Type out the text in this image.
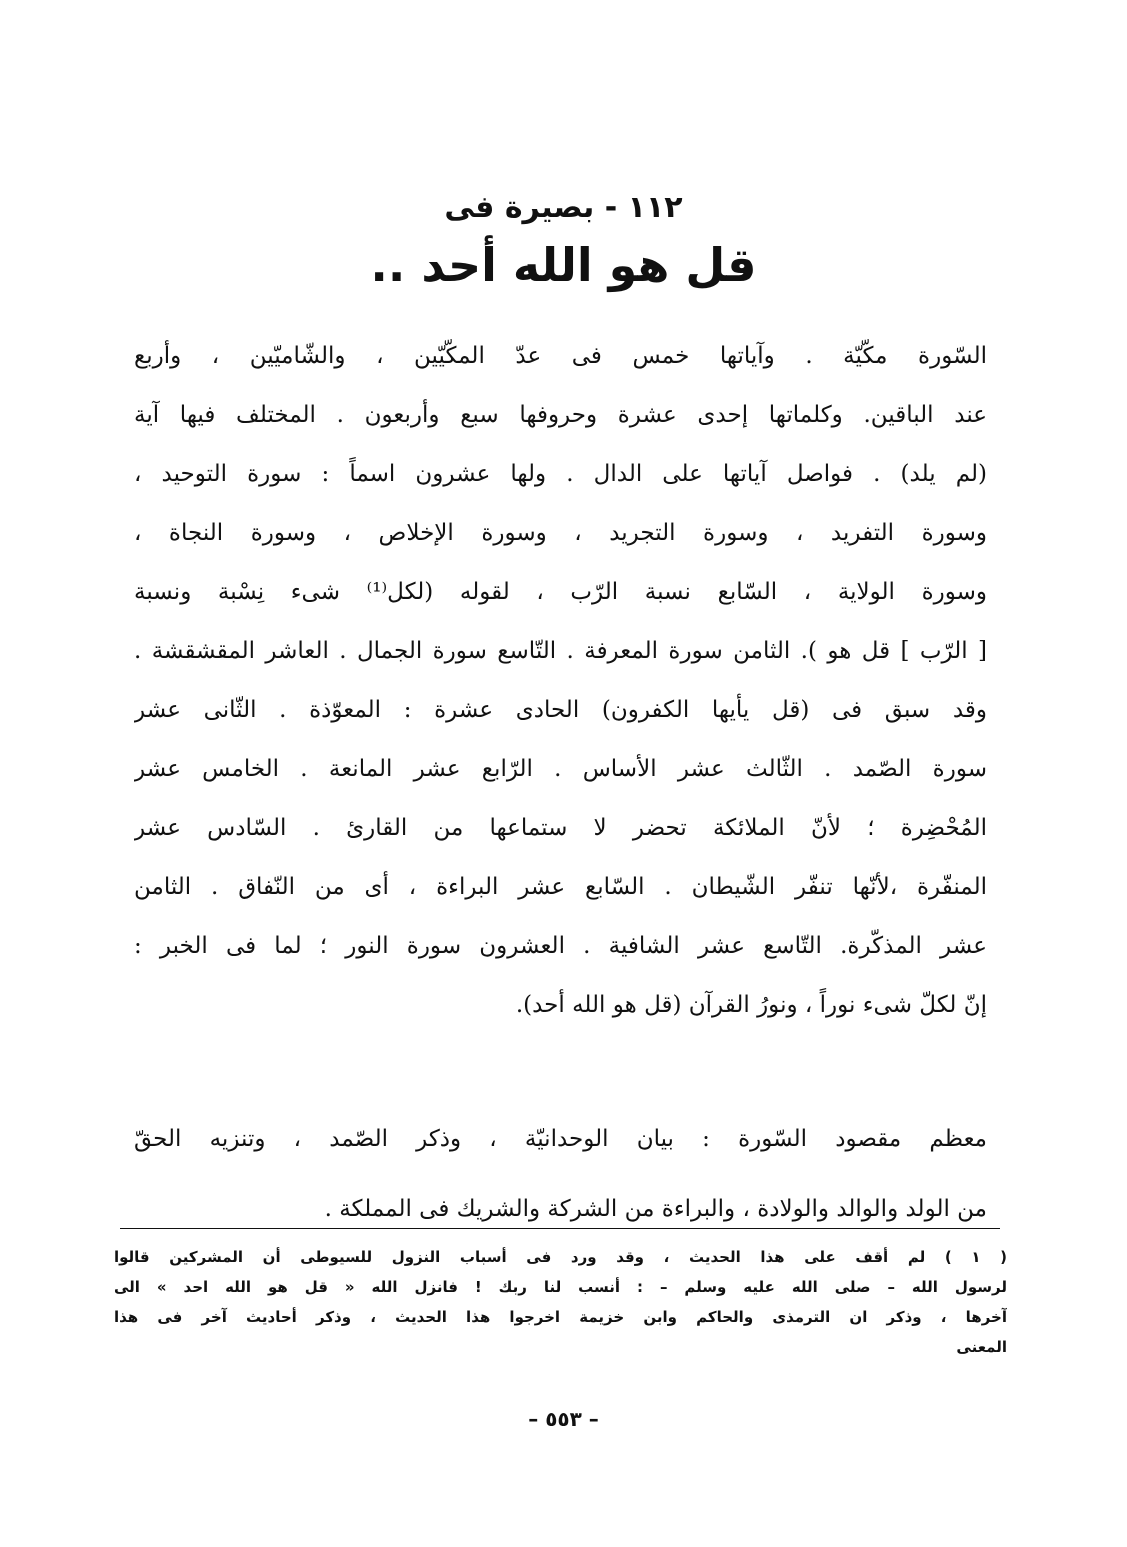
١١٢ - بصيرة فى
قل هو الله أحد ..
السّورة مكّيّة . وآياتها خمس فى عدّ المكّيّين ، والشّاميّين ، وأربع
عند الباقين. وكلماتها إحدى عشرة وحروفها سبع وأربعون . المختلف فيها آية
(لم يلد) . فواصل آياتها على الدال . ولها عشرون اسماً : سورة التوحيد ،
وسورة التفريد ، وسورة التجريد ، وسورة الإخلاص ، وسورة النجاة ،
وسورة الولاية ، السّابع نسبة الرّب ، لقوله (لكل⁽¹⁾ شىء نِسْبة ونسبة
[ الرّب ] قل هو ). الثامن سورة المعرفة . التّاسع سورة الجمال . العاشر المقشقشة .
وقد سبق فى (قل يأيها الكفرون) الحادى عشرة : المعوّذة . الثّانى عشر
سورة الصّمد . الثّالث عشر الأساس . الرّابع عشر المانعة . الخامس عشر
المُحْضِرة ؛ لأنّ الملائكة تحضر لا ستماعها من القارئ . السّادس عشر
المنفّرة ،لأنّها تنفّر الشّيطان . السّابع عشر البراءة ، أى من النّفاق . الثامن
عشر المذكّرة. التّاسع عشر الشافية . العشرون سورة النور ؛ لما فى الخبر :
إنّ لكلّ شىء نوراً ، ونورُ القرآن (قل هو الله أحد).
معظم مقصود السّورة : بيان الوحدانيّة ، وذكر الصّمد ، وتنزيه الحقّ
من الولد والوالد والولادة ، والبراءة من الشركة والشريك فى المملكة .
( ١ ) لم أقف على هذا الحديث ، وقد ورد فى أسباب النزول للسيوطى أن المشركين قالوا
لرسول الله – صلى الله عليه وسلم – : أنسب لنا ربك ! فانزل الله « قل هو الله احد » الى
آخرها ، وذكر ان الترمذى والحاكم وابن خزيمة اخرجوا هذا الحديث ، وذكر أحاديث آخر فى هذا
المعنى
– ٥٥٣ –
